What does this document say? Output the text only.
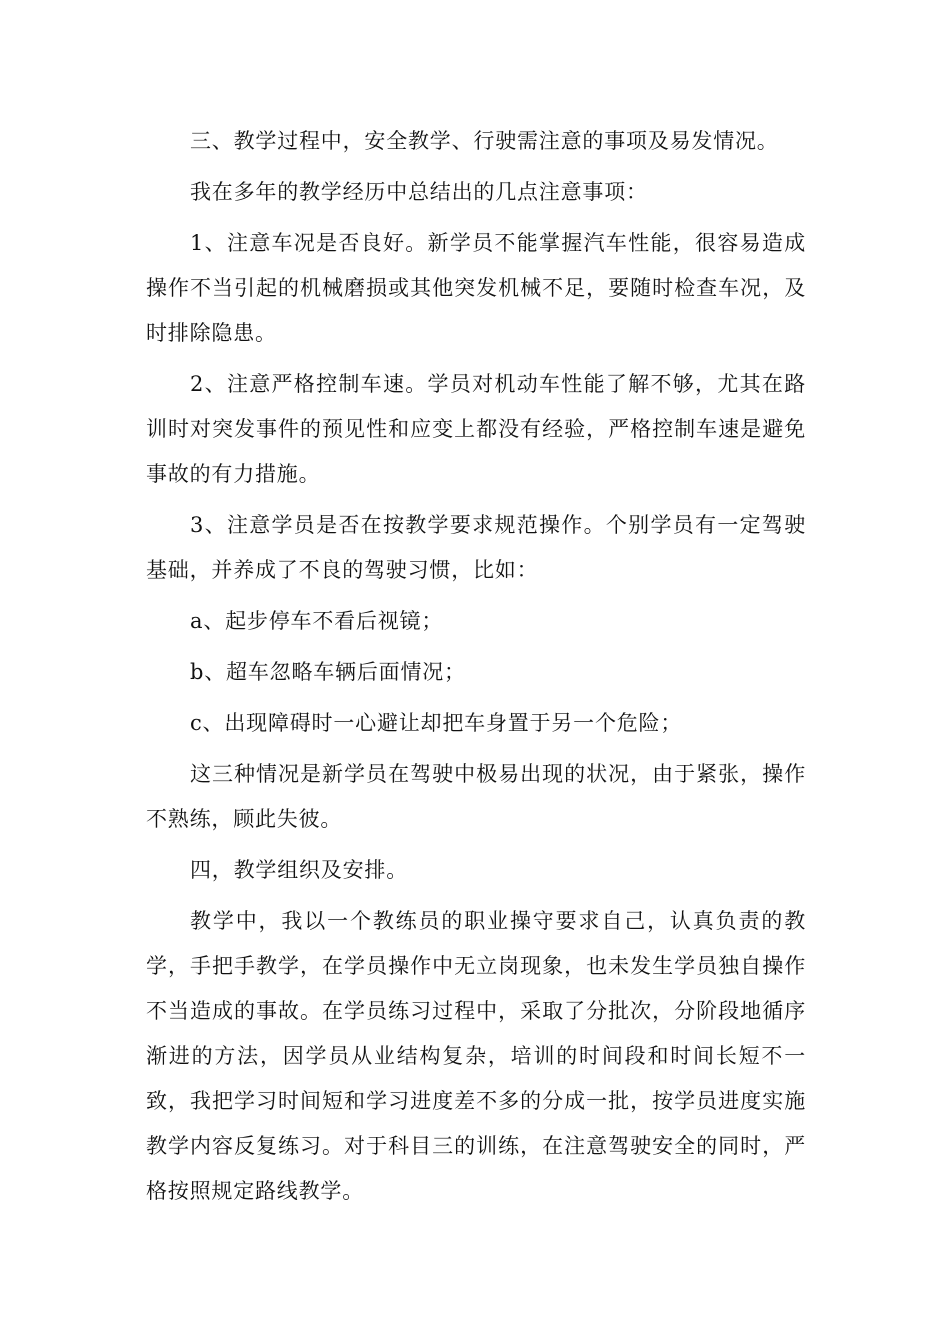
三、教学过程中，安全教学、行驶需注意的事项及易发情况。

我在多年的教学经历中总结出的几点注意事项：

1、注意车况是否良好。新学员不能掌握汽车性能，很容易造成操作不当引起的机械磨损或其他突发机械不足，要随时检查车况，及时排除隐患。

2、注意严格控制车速。学员对机动车性能了解不够，尤其在路训时对突发事件的预见性和应变上都没有经验，严格控制车速是避免事故的有力措施。

3、注意学员是否在按教学要求规范操作。个别学员有一定驾驶基础，并养成了不良的驾驶习惯，比如：

a、起步停车不看后视镜；

b、超车忽略车辆后面情况；

c、出现障碍时一心避让却把车身置于另一个危险；

这三种情况是新学员在驾驶中极易出现的状况，由于紧张，操作不熟练，顾此失彼。

四，教学组织及安排。

教学中，我以一个教练员的职业操守要求自己，认真负责的教学，手把手教学，在学员操作中无立岗现象，也未发生学员独自操作不当造成的事故。在学员练习过程中，采取了分批次，分阶段地循序渐进的方法，因学员从业结构复杂，培训的时间段和时间长短不一致，我把学习时间短和学习进度差不多的分成一批，按学员进度实施教学内容反复练习。对于科目三的训练，在注意驾驶安全的同时，严格按照规定路线教学。
